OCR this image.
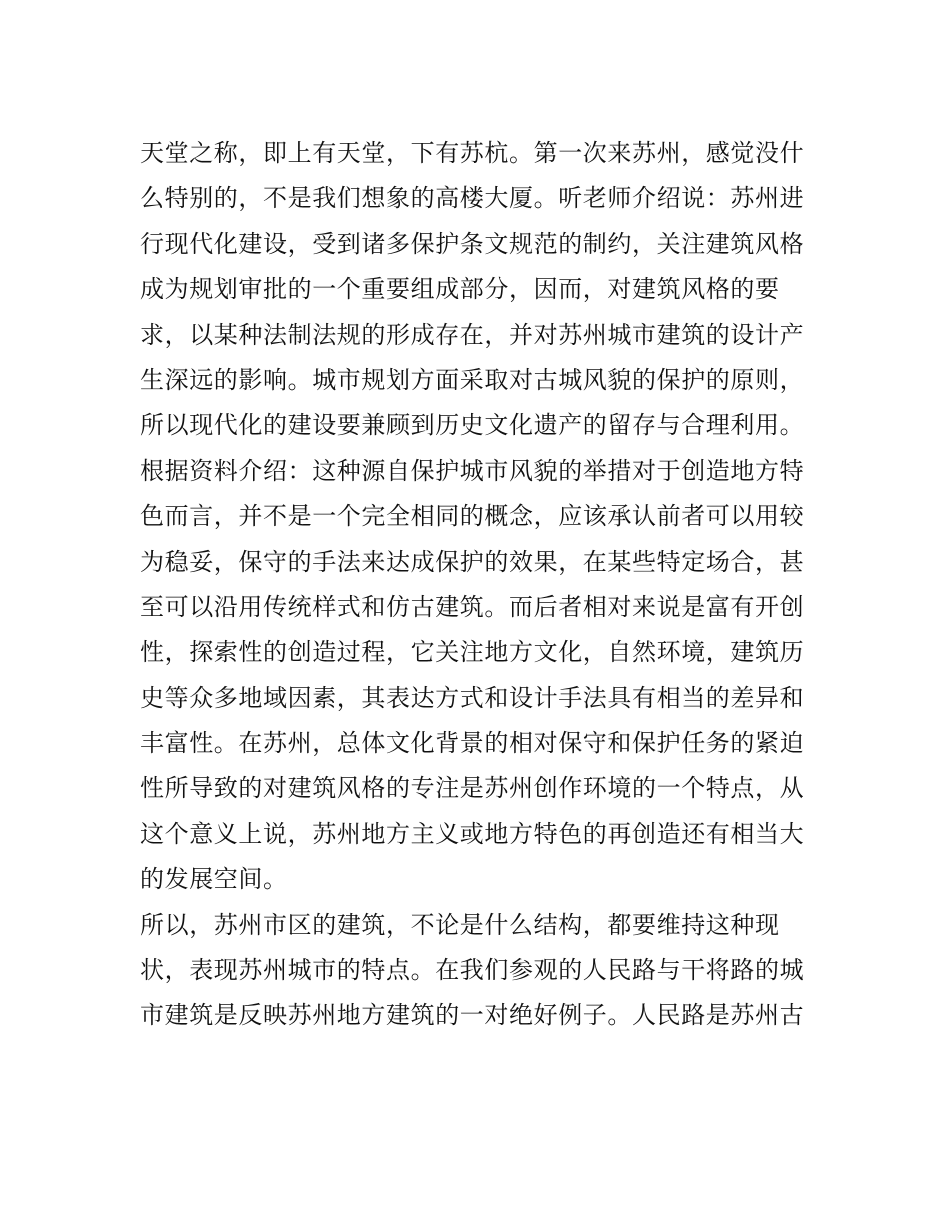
天堂之称，即上有天堂，下有苏杭。第一次来苏州，感觉没什
么特别的，不是我们想象的高楼大厦。听老师介绍说：苏州进
行现代化建设，受到诸多保护条文规范的制约，关注建筑风格
成为规划审批的一个重要组成部分，因而，对建筑风格的要
求，以某种法制法规的形成存在，并对苏州城市建筑的设计产
生深远的影响。城市规划方面采取对古城风貌的保护的原则，
所以现代化的建设要兼顾到历史文化遗产的留存与合理利用。
根据资料介绍：这种源自保护城市风貌的举措对于创造地方特
色而言，并不是一个完全相同的概念，应该承认前者可以用较
为稳妥，保守的手法来达成保护的效果，在某些特定场合，甚
至可以沿用传统样式和仿古建筑。而后者相对来说是富有开创
性，探索性的创造过程，它关注地方文化，自然环境，建筑历
史等众多地域因素，其表达方式和设计手法具有相当的差异和
丰富性。在苏州，总体文化背景的相对保守和保护任务的紧迫
性所导致的对建筑风格的专注是苏州创作环境的一个特点，从
这个意义上说，苏州地方主义或地方特色的再创造还有相当大
的发展空间。
所以，苏州市区的建筑，不论是什么结构，都要维持这种现
状，表现苏州城市的特点。在我们参观的人民路与干将路的城
市建筑是反映苏州地方建筑的一对绝好例子。人民路是苏州古
